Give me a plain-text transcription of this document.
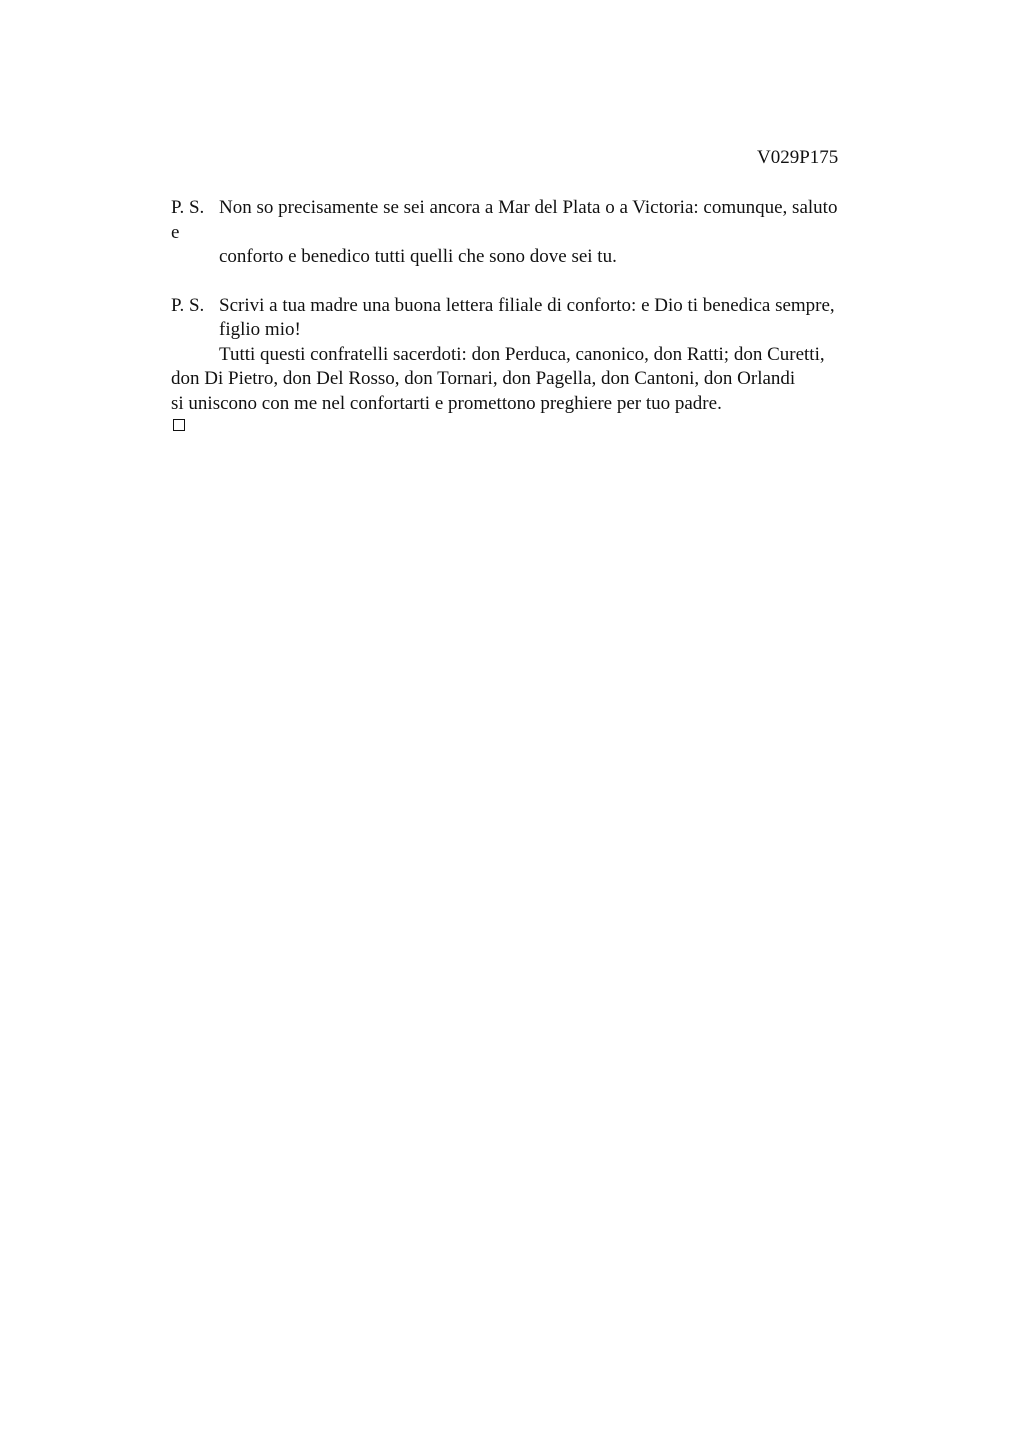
V029P175
P. S. Non so precisamente se sei ancora a Mar del Plata o a Victoria: comunque, saluto
e
conforto e benedico tutti quelli che sono dove sei tu.
P. S. Scrivi a tua madre una buona lettera filiale di conforto: e Dio ti benedica sempre,
figlio mio!
Tutti questi confratelli sacerdoti: don Perduca, canonico, don Ratti; don Curetti,
don Di Pietro, don Del Rosso, don Tornari, don Pagella, don Cantoni, don Orlandi
si uniscono con me nel confortarti e promettono preghiere per tuo padre.
